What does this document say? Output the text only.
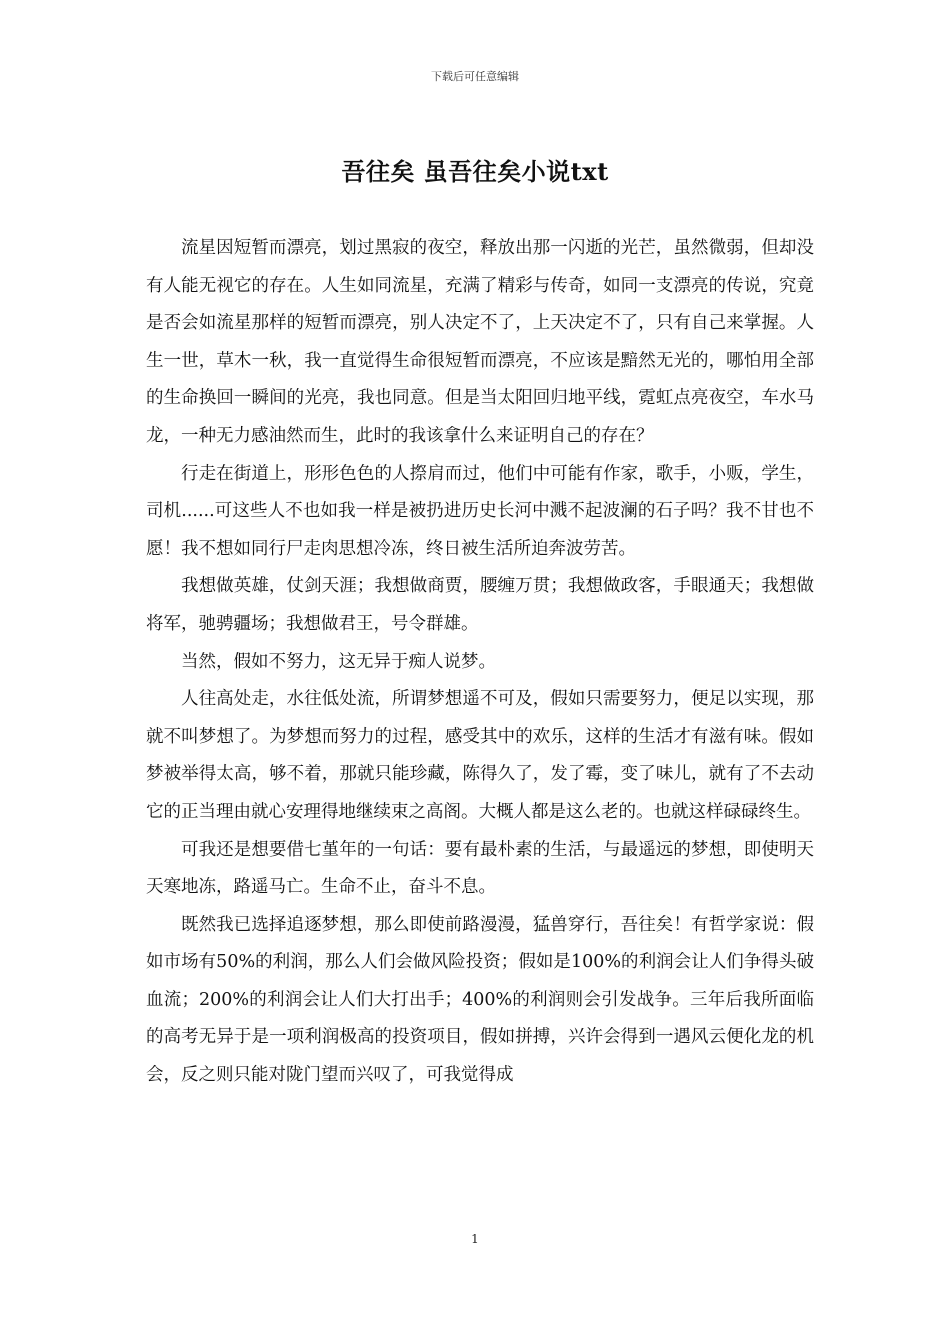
下载后可任意编辑
吾往矣 虽吾往矣小说txt

流星因短暂而漂亮，划过黑寂的夜空，释放出那一闪逝的光芒，虽然微弱，但却没有人能无视它的存在。人生如同流星，充满了精彩与传奇，如同一支漂亮的传说，究竟是否会如流星那样的短暂而漂亮，别人决定不了，上天决定不了，只有自己来掌握。人生一世，草木一秋，我一直觉得生命很短暂而漂亮，不应该是黯然无光的，哪怕用全部的生命换回一瞬间的光亮，我也同意。但是当太阳回归地平线，霓虹点亮夜空，车水马龙，一种无力感油然而生，此时的我该拿什么来证明自己的存在？

行走在街道上，形形色色的人摖肩而过，他们中可能有作家，歌手，小贩，学生，司机......可这些人不也如我一样是被扔进历史长河中溅不起波澜的石子吗？我不甘也不愿！我不想如同行尸走肉思想冷冻，终日被生活所迫奔波劳苦。

我想做英雄，仗剑天涯；我想做商贾，腰缠万贯；我想做政客，手眼通天；我想做将军，驰骋疆场；我想做君王，号令群雄。

当然，假如不努力，这无异于痴人说梦。

人往高处走，水往低处流，所谓梦想遥不可及，假如只需要努力，便足以实现，那就不叫梦想了。为梦想而努力的过程，感受其中的欢乐，这样的生活才有滋有味。假如梦被举得太高，够不着，那就只能珍藏，陈得久了，发了霉，变了味儿，就有了不去动它的正当理由就心安理得地继续束之高阁。大概人都是这么老的。也就这样碌碌终生。

可我还是想要借七堇年的一句话：要有最朴素的生活，与最遥远的梦想，即使明天天寒地冻，路遥马亡。生命不止，奋斗不息。

既然我已选择追逐梦想，那么即使前路漫漫，猛兽穿行，吾往矣！有哲学家说：假如市场有50%的利润，那么人们会做风险投资；假如是100%的利润会让人们争得头破血流；200%的利润会让人们大打出手；400%的利润则会引发战争。三年后我所面临的高考无异于是一项利润极高的投资项目，假如拼搏，兴许会得到一遇风云便化龙的机会，反之则只能对陇门望而兴叹了，可我觉得成

1
